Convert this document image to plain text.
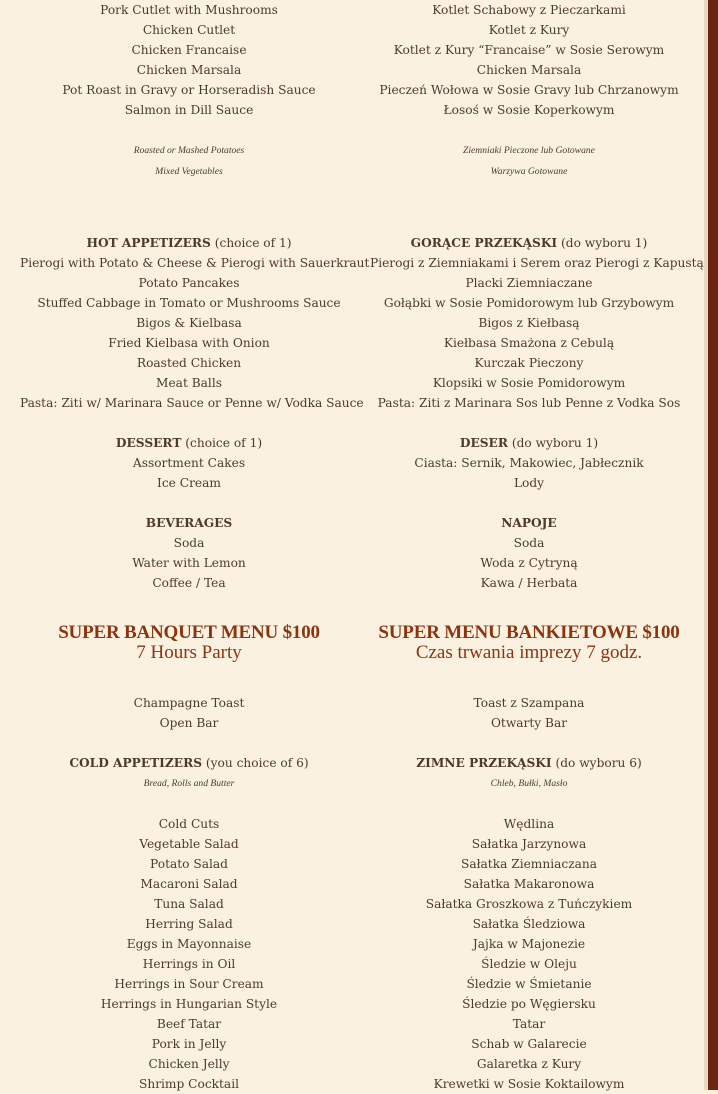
Pork Cutlet with Mushrooms
Chicken Cutlet
Chicken Francaise
Chicken Marsala
Pot Roast in Gravy or Horseradish Sauce
Salmon in Dill Sauce
Roasted or Mashed Potatoes
Mixed Vegetables
HOT APPETIZERS (choice of 1)
Pierogi with Potato & Cheese & Pierogi with Sauerkraut
Potato Pancakes
Stuffed Cabbage in Tomato or Mushrooms Sauce
Bigos & Kielbasa
Fried Kielbasa with Onion
Roasted Chicken
Meat Balls
Pasta: Ziti w/ Marinara Sauce or Penne w/ Vodka Sauce
DESSERT (choice of 1)
Assortment Cakes
Ice Cream
BEVERAGES
Soda
Water with Lemon
Coffee / Tea
SUPER BANQUET MENU $100
7 Hours Party
Champagne Toast
Open Bar
COLD APPETIZERS (you choice of 6)
Bread, Rolls and Butter
Cold Cuts
Vegetable Salad
Potato Salad
Macaroni Salad
Tuna Salad
Herring Salad
Eggs in Mayonnaise
Herrings in Oil
Herrings in Sour Cream
Herrings in Hungarian Style
Beef Tatar
Pork in Jelly
Chicken Jelly
Shrimp Cocktail
Kotlet Schabowy z Pieczarkami
Kotlet z Kury
Kotlet z Kury “Francaise” w Sosie Serowym
Chicken Marsala
Pieczeń Wołowa w Sosie Gravy lub Chrzanowym
Łosoś w Sosie Koperkowym
Ziemniaki Pieczone lub Gotowane
Warzywa Gotowane
GORĄCE PRZEKĄSKI (do wyboru 1)
Pierogi z Ziemniakami i Serem oraz Pierogi z Kapustą
Placki Ziemniaczane
Gołąbki w Sosie Pomidorowym lub Grzybowym
Bigos z Kiełbasą
Kiełbasa Smażona z Cebulą
Kurczak Pieczony
Klopsiki w Sosie Pomidorowym
Pasta: Ziti z Marinara Sos lub Penne z Vodka Sos
DESER (do wyboru 1)
Ciasta: Sernik, Makowiec, Jabłecznik
Lody
NAPOJE
Soda
Woda z Cytryną
Kawa / Herbata
SUPER MENU BANKIETOWE $100
Czas trwania imprezy 7 godz.
Toast z Szampana
Otwarty Bar
ZIMNE PRZEKĄSKI (do wyboru 6)
Chleb, Bułki, Masło
Wędlina
Sałatka Jarzynowa
Sałatka Ziemniaczana
Sałatka Makaronowa
Sałatka Groszkowa z Tuńczykiem
Sałatka Śledziowa
Jajka w Majonezie
Śledzie w Oleju
Śledzie w Śmietanie
Śledzie po Węgiersku
Tatar
Schab w Galarecie
Galaretka z Kury
Krewetki w Sosie Koktailowym
